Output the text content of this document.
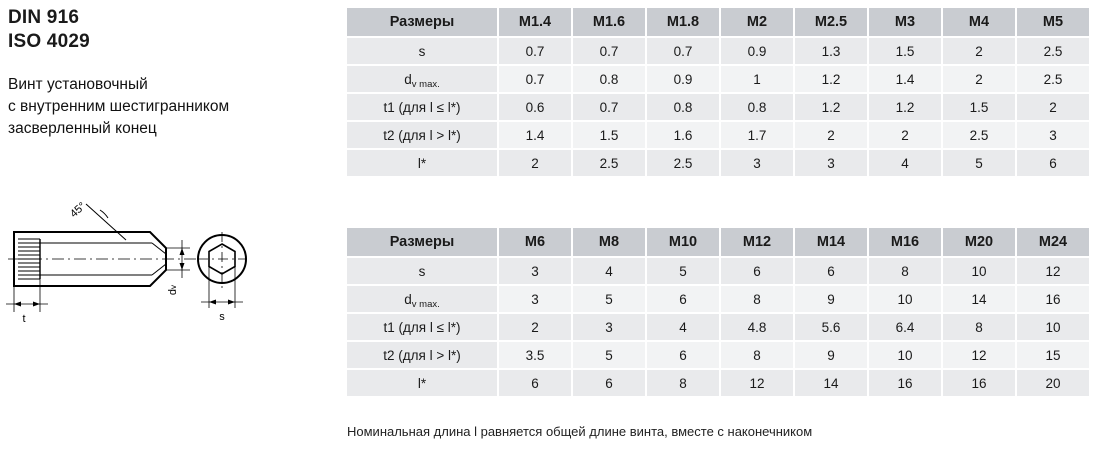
DIN 916
ISO 4029
Винт установочный
с внутренним шестигранником
засверленный конец
45°
t
dv
s
Размеры	M1.4	M1.6	M1.8	M2	M2.5	M3	M4	M5
s	0.7	0.7	0.7	0.9	1.3	1.5	2	2.5
$d_{v max.}$	0.7	0.8	0.9	1	1.2	1.4	2	2.5
t1 (для l ≤ l*)	0.6	0.7	0.8	0.8	1.2	1.2	1.5	2
t2 (для l > l*)	1.4	1.5	1.6	1.7	2	2	2.5	3
l*	2	2.5	2.5	3	3	4	5	6
Размеры	M6	M8	M10	M12	M14	M16	M20	M24
s	3	4	5	6	6	8	10	12
$d_{v max.}$	3	5	6	8	9	10	14	16
t1 (для l ≤ l*)	2	3	4	4.8	5.6	6.4	8	10
t2 (для l > l*)	3.5	5	6	8	9	10	12	15
l*	6	6	8	12	14	16	16	20
Номинальная длина l равняется общей длине винта, вместе с наконечником
